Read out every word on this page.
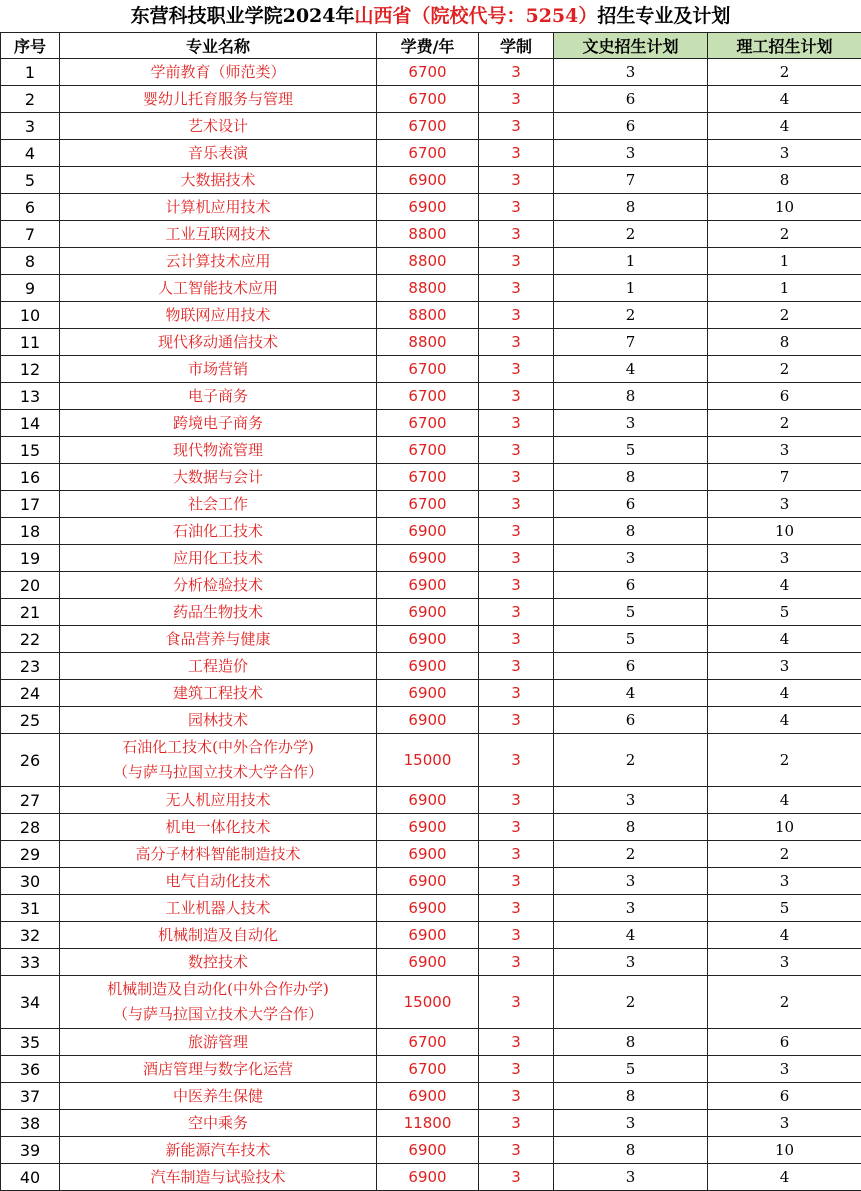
东营科技职业学院2024年山西省（院校代号：5254）招生专业及计划
序号	专业名称	学费/年	学制	文史招生计划	理工招生计划
1	学前教育（师范类）	6700	3	3	2
2	婴幼儿托育服务与管理	6700	3	6	4
3	艺术设计	6700	3	6	4
4	音乐表演	6700	3	3	3
5	大数据技术	6900	3	7	8
6	计算机应用技术	6900	3	8	10
7	工业互联网技术	8800	3	2	2
8	云计算技术应用	8800	3	1	1
9	人工智能技术应用	8800	3	1	1
10	物联网应用技术	8800	3	2	2
11	现代移动通信技术	8800	3	7	8
12	市场营销	6700	3	4	2
13	电子商务	6700	3	8	6
14	跨境电子商务	6700	3	3	2
15	现代物流管理	6700	3	5	3
16	大数据与会计	6700	3	8	7
17	社会工作	6700	3	6	3
18	石油化工技术	6900	3	8	10
19	应用化工技术	6900	3	3	3
20	分析检验技术	6900	3	6	4
21	药品生物技术	6900	3	5	5
22	食品营养与健康	6900	3	5	4
23	工程造价	6900	3	6	3
24	建筑工程技术	6900	3	4	4
25	园林技术	6900	3	6	4
26	石油化工技术(中外合作办学)
（与萨马拉国立技术大学合作）	15000	3	2	2
27	无人机应用技术	6900	3	3	4
28	机电一体化技术	6900	3	8	10
29	高分子材料智能制造技术	6900	3	2	2
30	电气自动化技术	6900	3	3	3
31	工业机器人技术	6900	3	3	5
32	机械制造及自动化	6900	3	4	4
33	数控技术	6900	3	3	3
34	机械制造及自动化(中外合作办学)
（与萨马拉国立技术大学合作）	15000	3	2	2
35	旅游管理	6700	3	8	6
36	酒店管理与数字化运营	6700	3	5	3
37	中医养生保健	6900	3	8	6
38	空中乘务	11800	3	3	3
39	新能源汽车技术	6900	3	8	10
40	汽车制造与试验技术	6900	3	3	4
